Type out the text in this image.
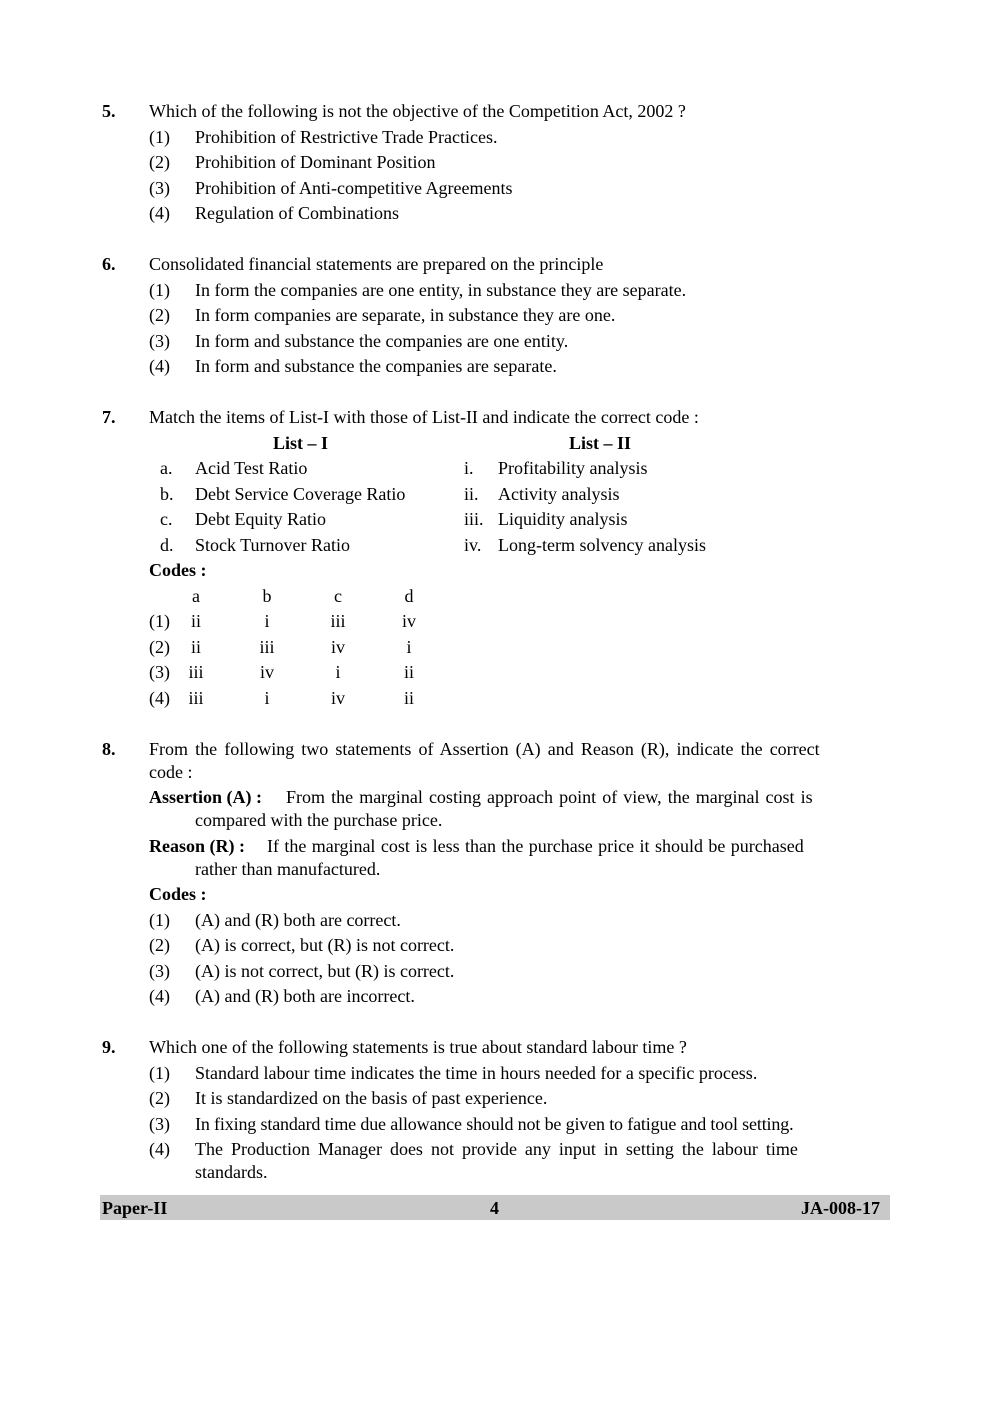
5. Which of the following is not the objective of the Competition Act, 2002 ?
(1) Prohibition of Restrictive Trade Practices.
(2) Prohibition of Dominant Position
(3) Prohibition of Anti-competitive Agreements
(4) Regulation of Combinations
6. Consolidated financial statements are prepared on the principle
(1) In form the companies are one entity, in substance they are separate.
(2) In form companies are separate, in substance they are one.
(3) In form and substance the companies are one entity.
(4) In form and substance the companies are separate.
7. Match the items of List-I with those of List-II and indicate the correct code :
List – I	List – II
a. Acid Test Ratio	i. Profitability analysis
b. Debt Service Coverage Ratio	ii. Activity analysis
c. Debt Equity Ratio	iii. Liquidity analysis
d. Stock Turnover Ratio	iv. Long-term solvency analysis
Codes :
a	b	c	d
(1)	ii	i	iii	iv
(2)	ii	iii	iv	i
(3)	iii	iv	i	ii
(4)	iii	i	iv	ii
8. From the following two statements of Assertion (A) and Reason (R), indicate the correct
code :
Assertion (A) : From the marginal costing approach point of view, the marginal cost is
compared with the purchase price.
Reason (R) : If the marginal cost is less than the purchase price it should be purchased
rather than manufactured.
Codes :
(1) (A) and (R) both are correct.
(2) (A) is correct, but (R) is not correct.
(3) (A) is not correct, but (R) is correct.
(4) (A) and (R) both are incorrect.
9. Which one of the following statements is true about standard labour time ?
(1) Standard labour time indicates the time in hours needed for a specific process.
(2) It is standardized on the basis of past experience.
(3) In fixing standard time due allowance should not be given to fatigue and tool setting.
(4) The Production Manager does not provide any input in setting the labour time
standards.
Paper-II	4	JA-008-17
